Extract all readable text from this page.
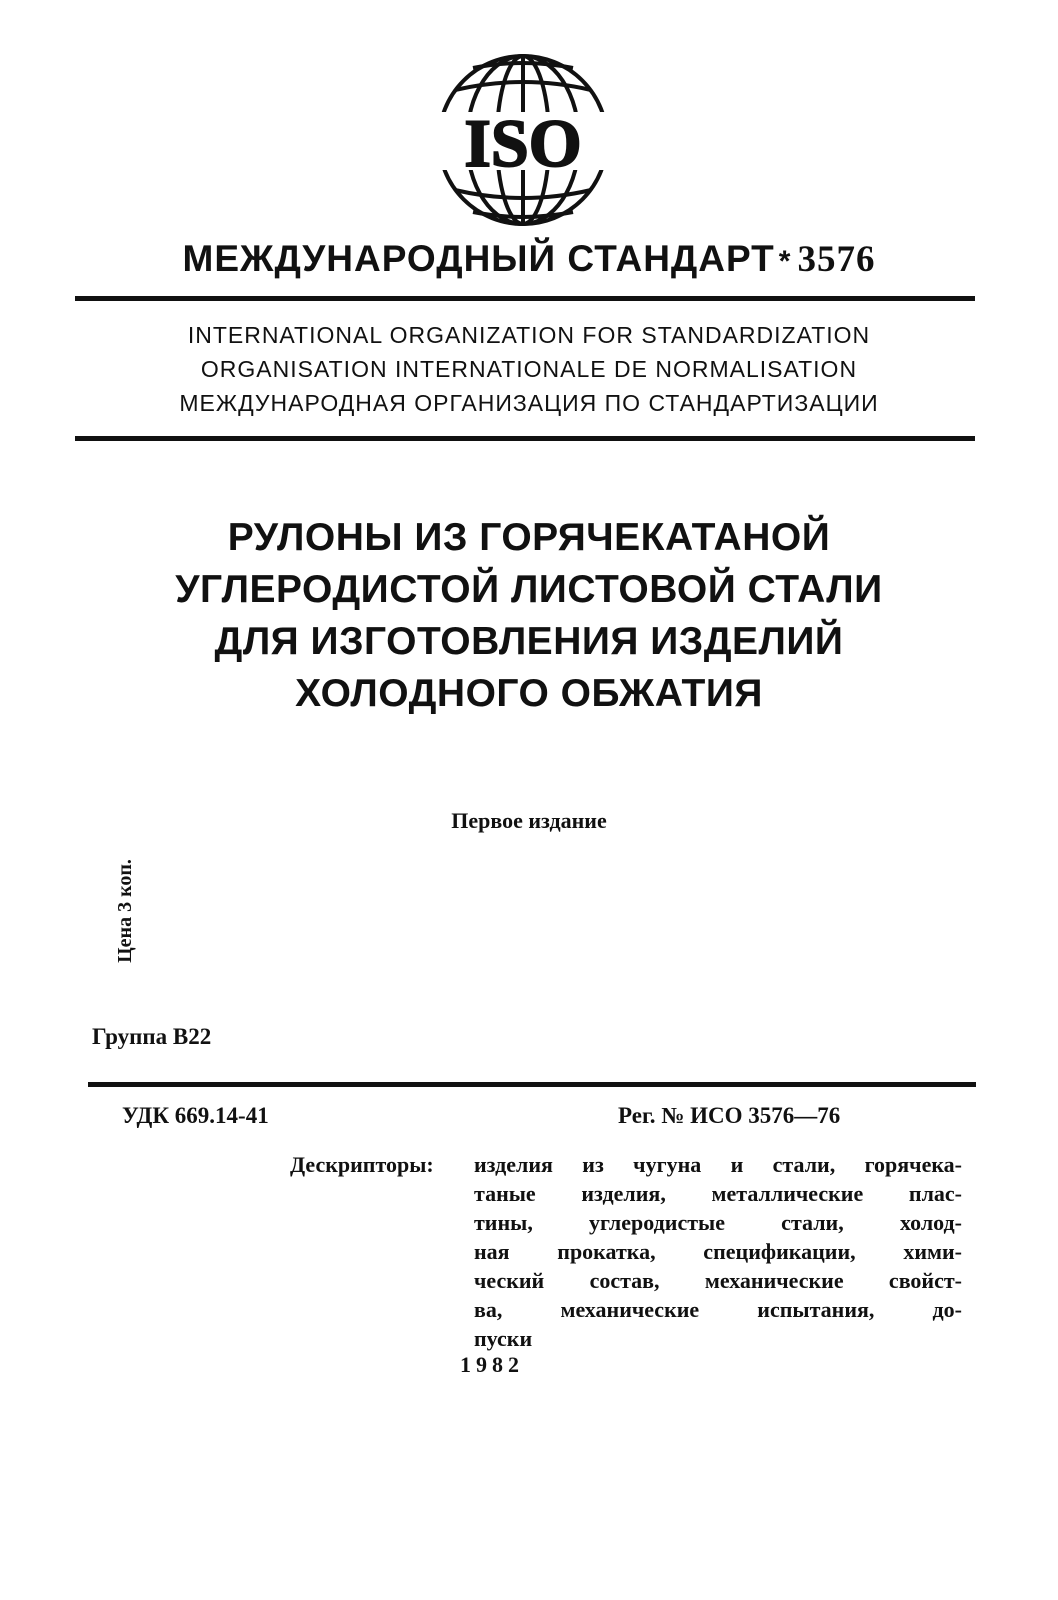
ISO
МЕЖДУНАРОДНЫЙ СТАНДАРТ * 3576
INTERNATIONAL ORGANIZATION FOR STANDARDIZATION
ORGANISATION INTERNATIONALE DE NORMALISATION
МЕЖДУНАРОДНАЯ ОРГАНИЗАЦИЯ ПО СТАНДАРТИЗАЦИИ
РУЛОНЫ ИЗ ГОРЯЧЕКАТАНОЙ
УГЛЕРОДИСТОЙ ЛИСТОВОЙ СТАЛИ
ДЛЯ ИЗГОТОВЛЕНИЯ ИЗДЕЛИЙ
ХОЛОДНОГО ОБЖАТИЯ
Первое издание
Цена 3 коп.
Группа В22
УДК 669.14-41	Рег. № ИСО 3576—76
Дескрипторы: изделия из чугуна и стали, горячека-
таные изделия, металлические плас-
тины, углеродистые стали, холод-
ная прокатка, спецификации, хими-
ческий состав, механические свойст-
ва, механические испытания, до-
пуски
1982
